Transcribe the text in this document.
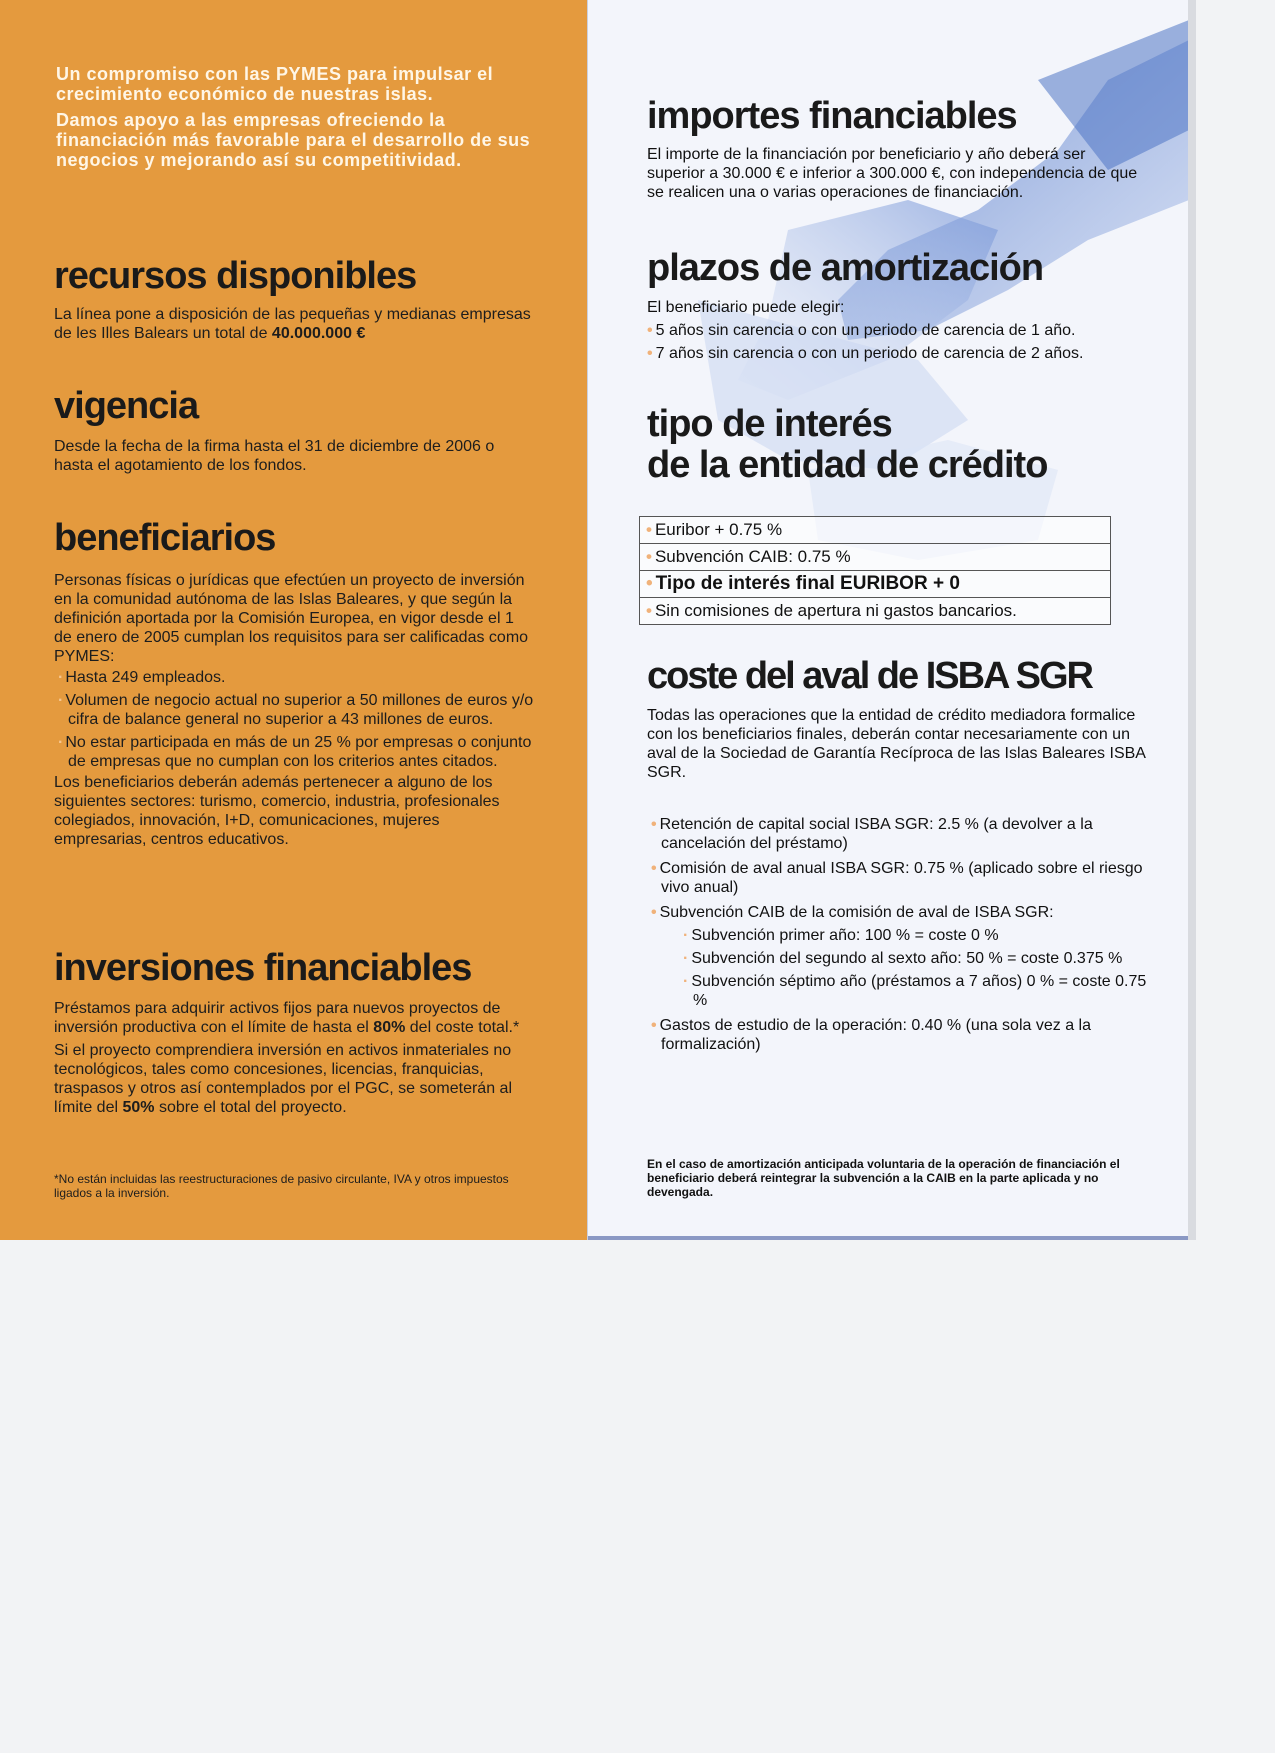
Un compromiso con las PYMES para impulsar el crecimiento económico de nuestras islas.

Damos apoyo a las empresas ofreciendo la financiación más favorable para el desarrollo de sus negocios y mejorando así su competitividad.

recursos disponibles

La línea pone a disposición de las pequeñas y medianas empresas de les Illes Balears un total de 40.000.000 €

vigencia

Desde la fecha de la firma hasta el 31 de diciembre de 2006 o hasta el agotamiento de los fondos.

beneficiarios

Personas físicas o jurídicas que efectúen un proyecto de inversión en la comunidad autónoma de las Islas Baleares, y que según la definición aportada por la Comisión Europea, en vigor desde el 1 de enero de 2005 cumplan los requisitos para ser calificadas como PYMES:

· Hasta 249 empleados.

· Volumen de negocio actual no superior a 50 millones de euros y/o cifra de balance general no superior a 43 millones de euros.

· No estar participada en más de un 25 % por empresas o conjunto de empresas que no cumplan con los criterios antes citados.

Los beneficiarios deberán además pertenecer a alguno de los siguientes sectores: turismo, comercio, industria, profesionales colegiados, innovación, I+D, comunicaciones, mujeres empresarias, centros educativos.

inversiones financiables

Préstamos para adquirir activos fijos para nuevos proyectos de inversión productiva con el límite de hasta el 80% del coste total.*

Si el proyecto comprendiera inversión en activos inmateriales no tecnológicos, tales como concesiones, licencias, franquicias, traspasos y otros así contemplados por el PGC, se someterán al límite del 50% sobre el total del proyecto.

*No están incluidas las reestructuraciones de pasivo circulante, IVA y otros impuestos ligados a la inversión.

importes financiables

El importe de la financiación por beneficiario y año deberá ser superior a 30.000 € e inferior a 300.000 €, con independencia de que se realicen una o varias operaciones de financiación.

plazos de amortización

El beneficiario puede elegir:

• 5 años sin carencia o con un periodo de carencia de 1 año.

• 7 años sin carencia o con un periodo de carencia de 2 años.

tipo de interés
de la entidad de crédito
• Euribor + 0.75 %
• Subvención CAIB: 0.75 %
• Tipo de interés final EURIBOR + 0
• Sin comisiones de apertura ni gastos bancarios.
coste del aval de ISBA SGR

Todas las operaciones que la entidad de crédito mediadora formalice con los beneficiarios finales, deberán contar necesariamente con un aval de la Sociedad de Garantía Recíproca de las Islas Baleares ISBA SGR.

• Retención de capital social ISBA SGR: 2.5 % (a devolver a la cancelación del préstamo)

• Comisión de aval anual ISBA SGR: 0.75 % (aplicado sobre el riesgo vivo anual)

• Subvención CAIB de la comisión de aval de ISBA SGR:

· Subvención primer año: 100 % = coste 0 %

· Subvención del segundo al sexto año: 50 % = coste 0.375 %

· Subvención séptimo año (préstamos a 7 años) 0 % = coste 0.75 %

• Gastos de estudio de la operación: 0.40 % (una sola vez a la formalización)

En el caso de amortización anticipada voluntaria de la operación de financiación el beneficiario deberá reintegrar la subvención a la CAIB en la parte aplicada y no devengada.
